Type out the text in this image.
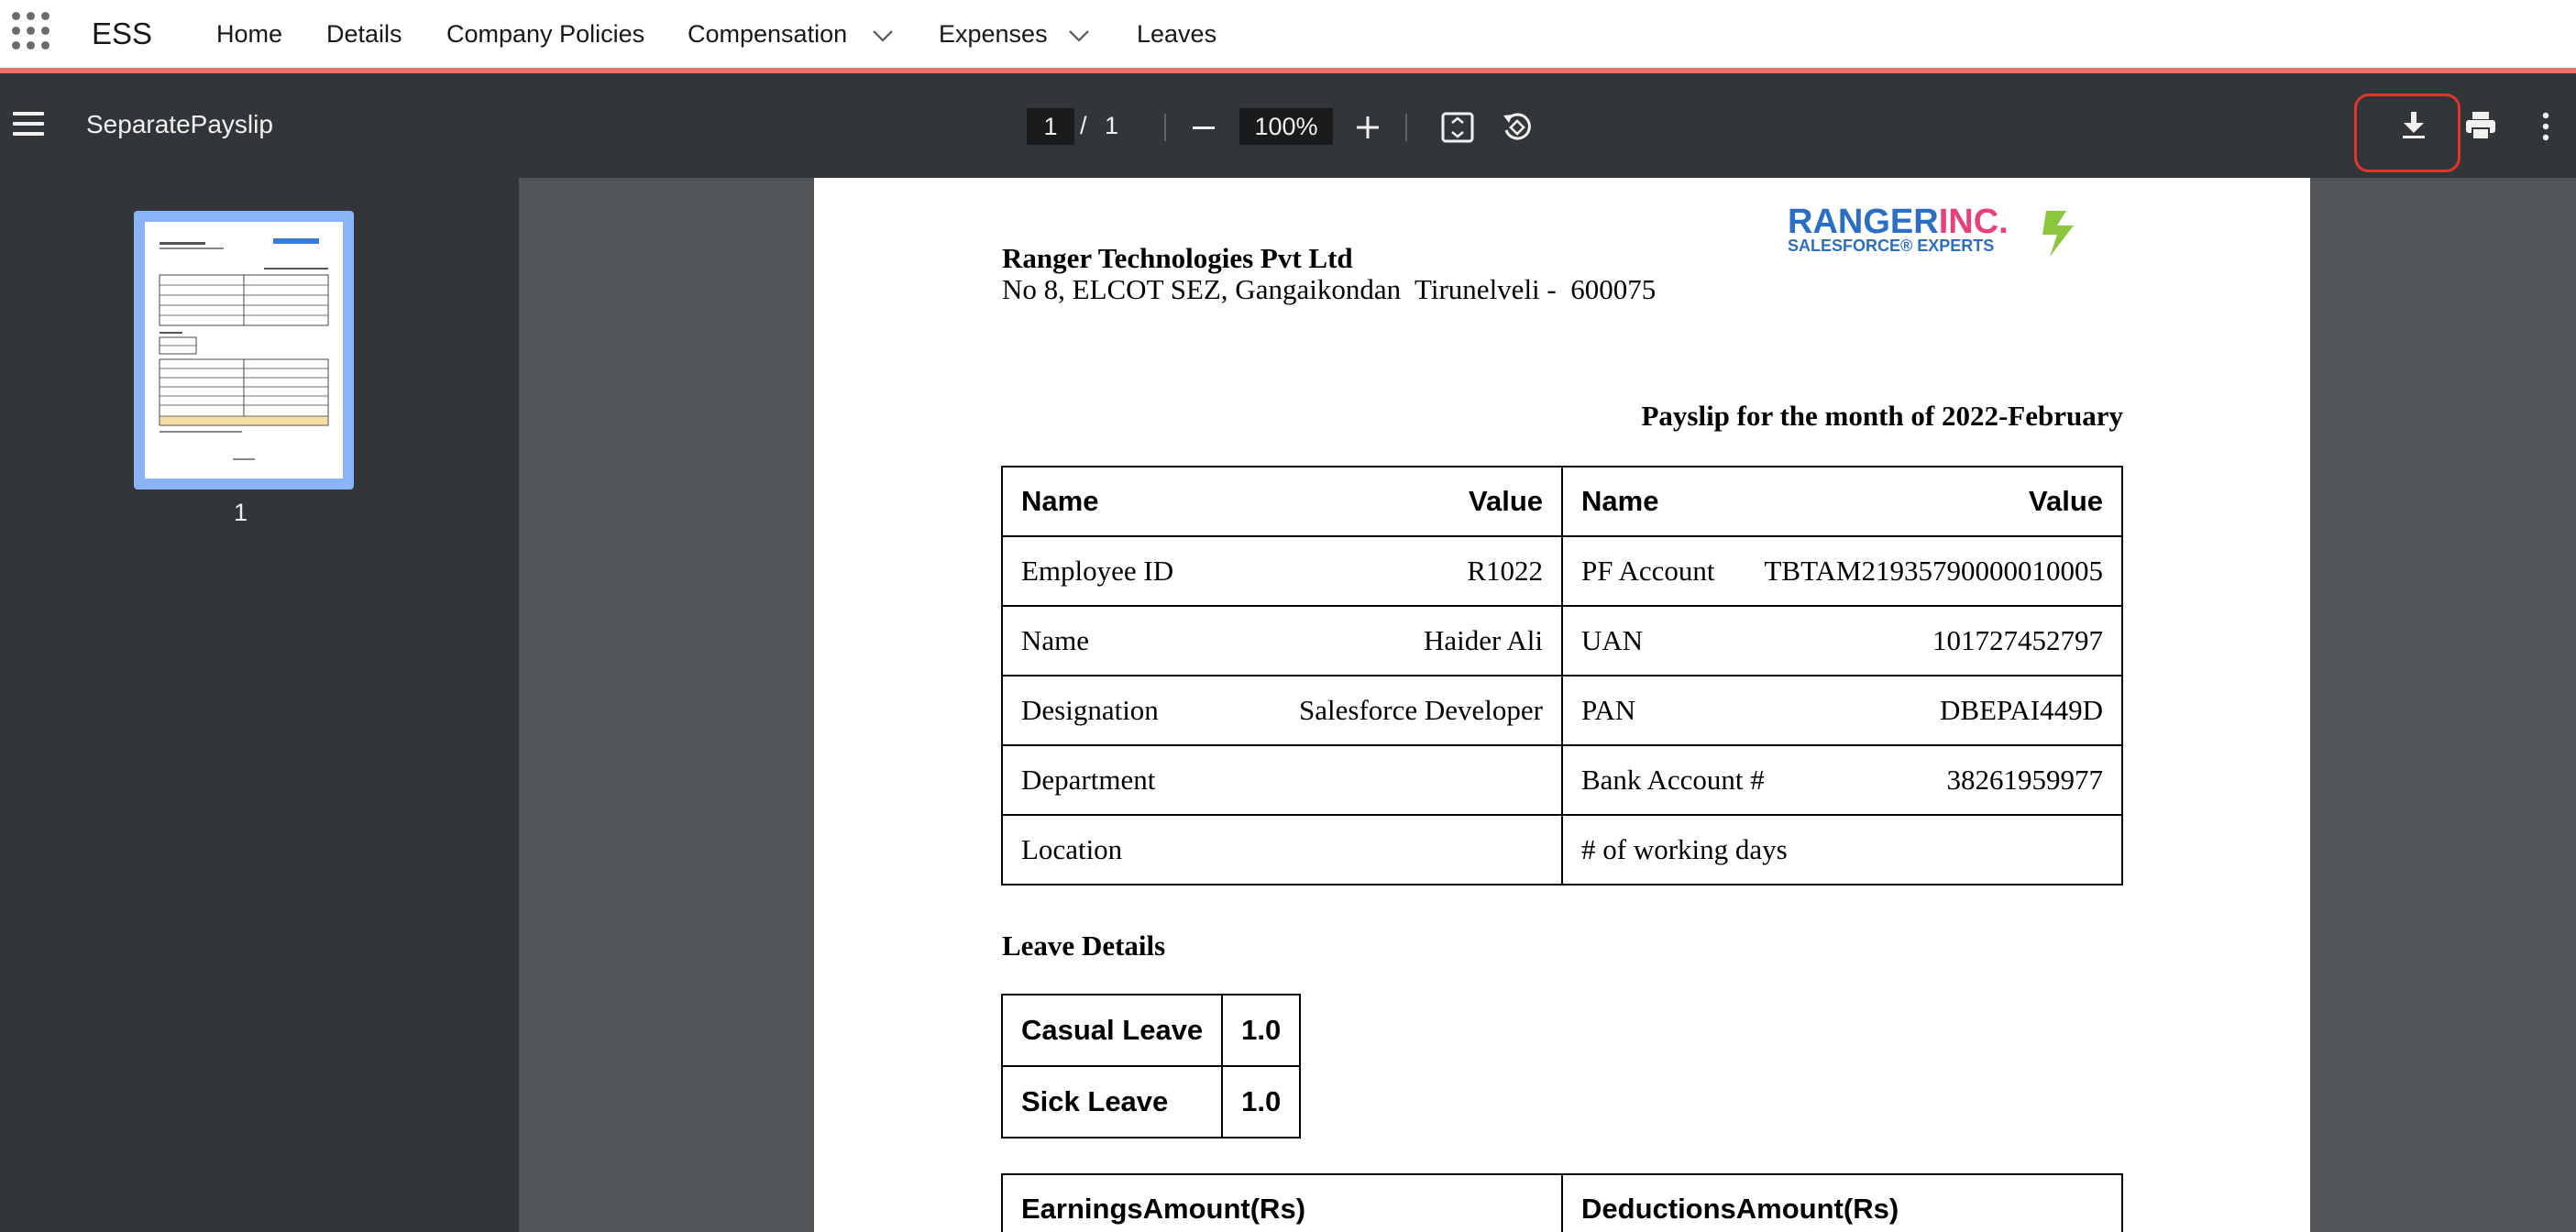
ESS	Home Details Company Policies Compensation	Expenses	Leaves
SeparatePayslip	1 / 1	100%
1
Ranger Technologies Pvt Ltd
No 8, ELCOT SEZ, Gangaikondan  Tirunelveli -  600075
RANGERINC.
SALESFORCE® EXPERTS
Payslip for the month of 2022-February
Name Value	Name Value

Employee ID R1022	PF Account TBTAM21935790000010005

Name Haider Ali	UAN 101727452797

Designation Salesforce Developer	PAN DBEPAI449D

Department	Bank Account # 38261959977

Location	# of working days
Leave Details
Casual Leave	1.0
Sick Leave	1.0
EarningsAmount(Rs)	DeductionsAmount(Rs)
